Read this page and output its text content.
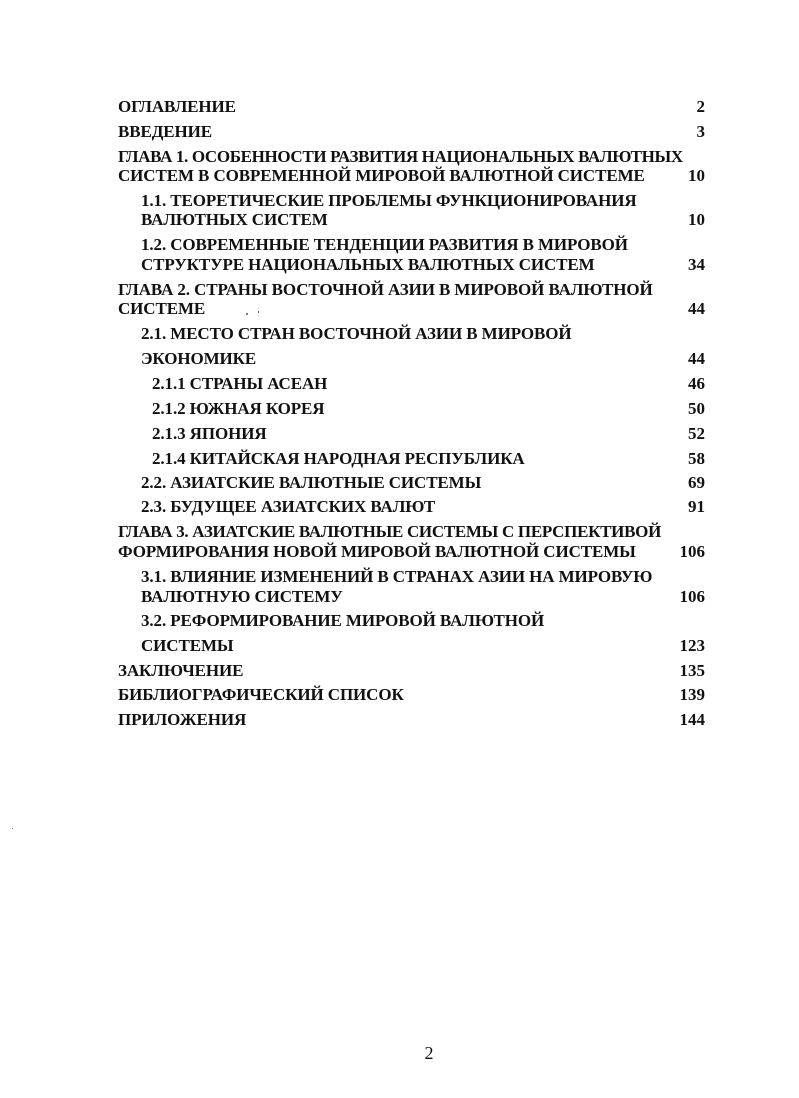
ОГЛАВЛЕНИЕ	2
ВВЕДЕНИЕ	3
ГЛАВА 1. ОСОБЕННОСТИ РАЗВИТИЯ НАЦИОНАЛЬНЫХ ВАЛЮТНЫХ
СИСТЕМ В СОВРЕМЕННОЙ МИРОВОЙ ВАЛЮТНОЙ СИСТЕМЕ	10
1.1. ТЕОРЕТИЧЕСКИЕ ПРОБЛЕМЫ ФУНКЦИОНИРОВАНИЯ
ВАЛЮТНЫХ СИСТЕМ	10
1.2. СОВРЕМЕННЫЕ ТЕНДЕНЦИИ РАЗВИТИЯ В МИРОВОЙ
СТРУКТУРЕ НАЦИОНАЛЬНЫХ ВАЛЮТНЫХ СИСТЕМ	34
ГЛАВА 2. СТРАНЫ ВОСТОЧНОЙ АЗИИ В МИРОВОЙ ВАЛЮТНОЙ
СИСТЕМЕ	44
2.1. МЕСТО СТРАН ВОСТОЧНОЙ АЗИИ В МИРОВОЙ
ЭКОНОМИКЕ	44
2.1.1 СТРАНЫ АСЕАН	46
2.1.2 ЮЖНАЯ КОРЕЯ	50
2.1.3 ЯПОНИЯ	52
2.1.4 КИТАЙСКАЯ НАРОДНАЯ РЕСПУБЛИКА	58
2.2. АЗИАТСКИЕ ВАЛЮТНЫЕ СИСТЕМЫ	69
2.3. БУДУЩЕЕ АЗИАТСКИХ ВАЛЮТ	91
ГЛАВА 3. АЗИАТСКИЕ ВАЛЮТНЫЕ СИСТЕМЫ С ПЕРСПЕКТИВОЙ
ФОРМИРОВАНИЯ НОВОЙ МИРОВОЙ ВАЛЮТНОЙ СИСТЕМЫ	106
3.1. ВЛИЯНИЕ ИЗМЕНЕНИЙ В СТРАНАХ АЗИИ НА МИРОВУЮ
ВАЛЮТНУЮ СИСТЕМУ	106
3.2. РЕФОРМИРОВАНИЕ МИРОВОЙ ВАЛЮТНОЙ
СИСТЕМЫ	123
ЗАКЛЮЧЕНИЕ	135
БИБЛИОГРАФИЧЕСКИЙ СПИСОК	139
ПРИЛОЖЕНИЯ	144
2
